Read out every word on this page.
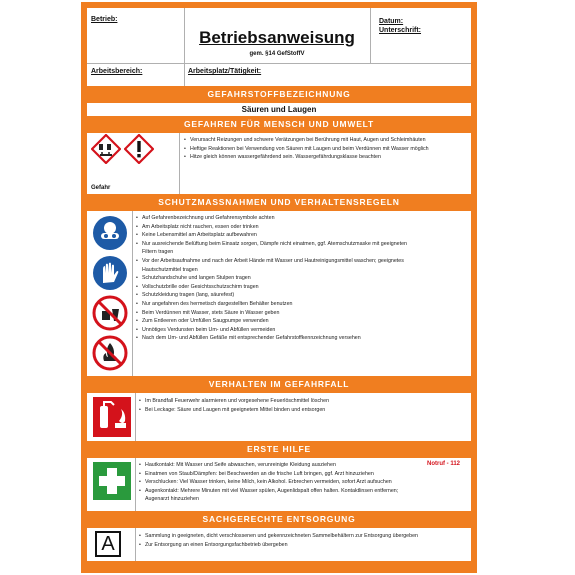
Betrieb:
Betriebsanweisung
gem. §14 GefStoffV
Datum:
Unterschrift:
Arbeitsbereich:	Arbeitsplatz/Tätigkeit:
GEFAHRSTOFFBEZEICHNUNG
Säuren und Laugen
GEFAHREN FÜR MENSCH UND UMWELT
Gefahr
• Verursacht Reizungen und schwere Verätzungen bei Berührung mit Haut, Augen und Schleimhäuten
• Heftige Reaktionen bei Verwendung von Säuren mit Laugen und beim Verdünnen mit Wasser möglich
• Hitze gleich können wassergefährdend sein. Wassergefährdungsklasse beachten
SCHUTZMASSNAHMEN UND VERHALTENSREGELN
• Auf Gefahrenbezeichnung und Gefahrensymbole achten
• Am Arbeitsplatz nicht rauchen, essen oder trinken
• Keine Lebensmittel am Arbeitsplatz aufbewahren
• Nur ausreichende Belüftung beim Einsatz sorgen, Dämpfe nicht einatmen, ggf. Atemschutzmaske mit geeigneten
Filtern tragen
• Vor der Arbeitsaufnahme und nach der Arbeit Hände mit Wasser und Hautreinigungsmittel waschen; geeignetes
Hautschutzmittel tragen
• Schutzhandschuhe und langen Stulpen tragen
• Vollschutzbrille oder Gesichtsschutzschirm tragen
• Schutzkleidung tragen (lang, säurefest)
• Nur angefahren des hermetisch dargestellten Behälter benutzen
• Beim Verdünnen mit Wasser, stets Säure in Wasser geben
• Zum Entleeren oder Umfüllen Saugpumpe verwenden
• Unnötiges Verdunsten beim Um- und Abfüllen vermeiden
• Nach dem Um- und Abfüllen Gefäße mit entsprechender Gefahrstoffkennzeichnung versehen
VERHALTEN IM GEFAHRFALL
• Im Brandfall Feuerwehr alarmieren und vorgesehene Feuerlöschmittel löschen
• Bei Leckage: Säure und Laugen mit geeignetem Mittel binden und entsorgen
ERSTE HILFE
Notruf - 112
• Hautkontakt: Mit Wasser und Seife abwaschen, verunreinigte Kleidung ausziehen
• Einatmen von Staub/Dämpfen: bei Beschwerden an die frische Luft bringen, ggf. Arzt hinzuziehen
• Verschlucken: Viel Wasser trinken, keine Milch, kein Alkohol. Erbrechen vermeiden, sofort Arzt aufsuchen
• Augenkontakt: Mehrere Minuten mit viel Wasser spülen, Augenlidspalt offen halten. Kontaktlinsen entfernen;
Augenarzt hinzuziehen
SACHGERECHTE ENTSORGUNG
A
•	Sammlung in geeigneten, dicht verschlossenen und gekennzeichneten Sammelbehältern zur Entsorgung übergeben
• Zur Entsorgung an einen Entsorgungsfachbetrieb übergeben
